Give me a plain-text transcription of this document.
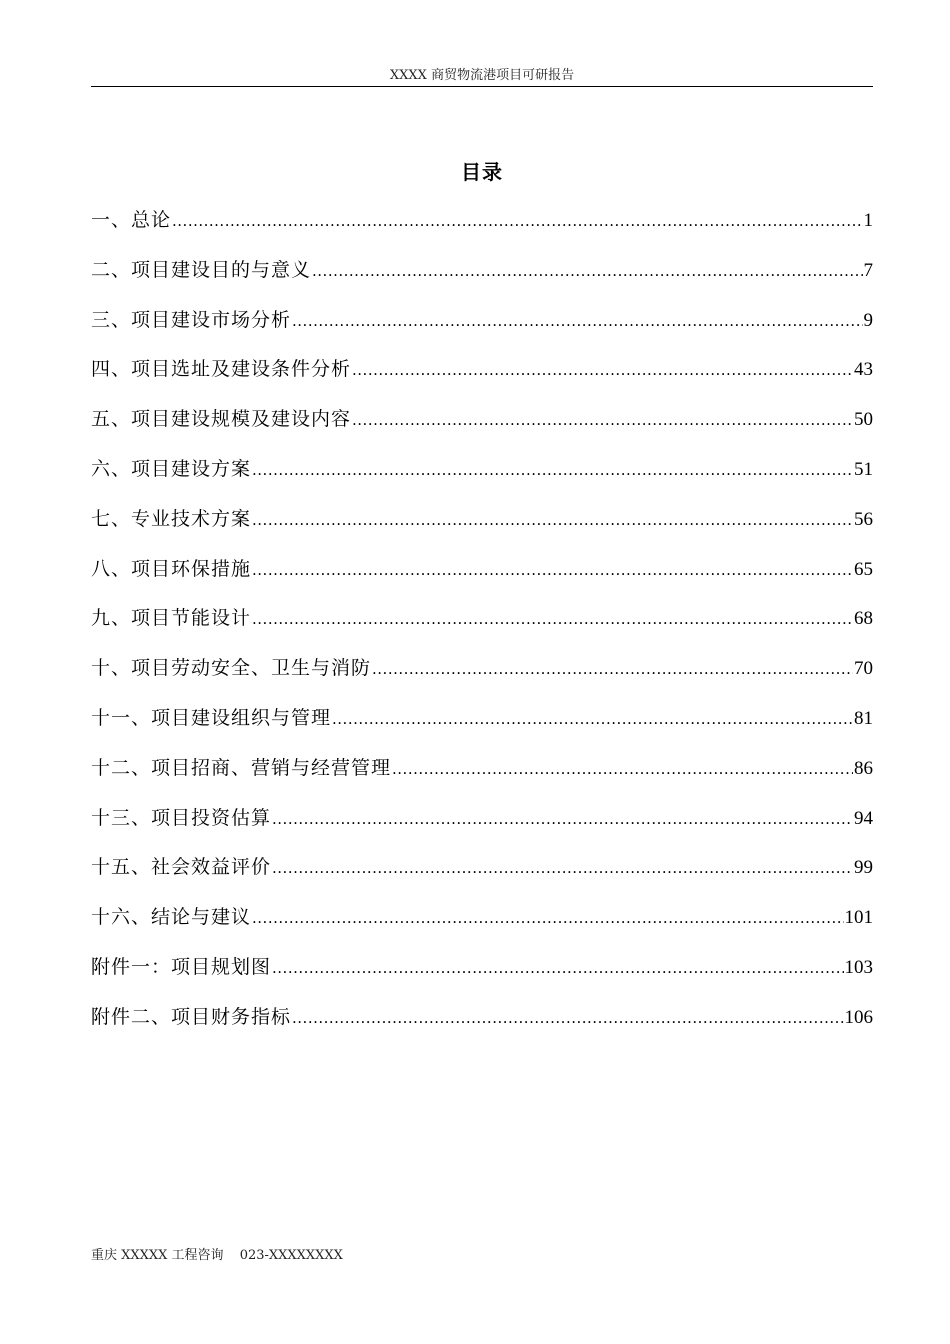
XXXX 商贸物流港项目可研报告
目录
一、总论 .....	1
二、项目建设目的与意义 .....	7
三、项目建设市场分析 .....	9
四、项目选址及建设条件分析 .....	43
五、项目建设规模及建设内容 .....	50
六、项目建设方案 .....	51
七、专业技术方案 .....	56
八、项目环保措施 .....	65
九、项目节能设计 .....	68
十、项目劳动安全、卫生与消防 .....	70
十一、项目建设组织与管理 .....	81
十二、项目招商、营销与经营管理 .....	86
十三、项目投资估算 .....	94
十五、社会效益评价 .....	99
十六、结论与建议 .....	101
附件一：项目规划图 .....	103
附件二、项目财务指标 .....	106
重庆 XXXXX 工程咨询 023-XXXXXXXX
